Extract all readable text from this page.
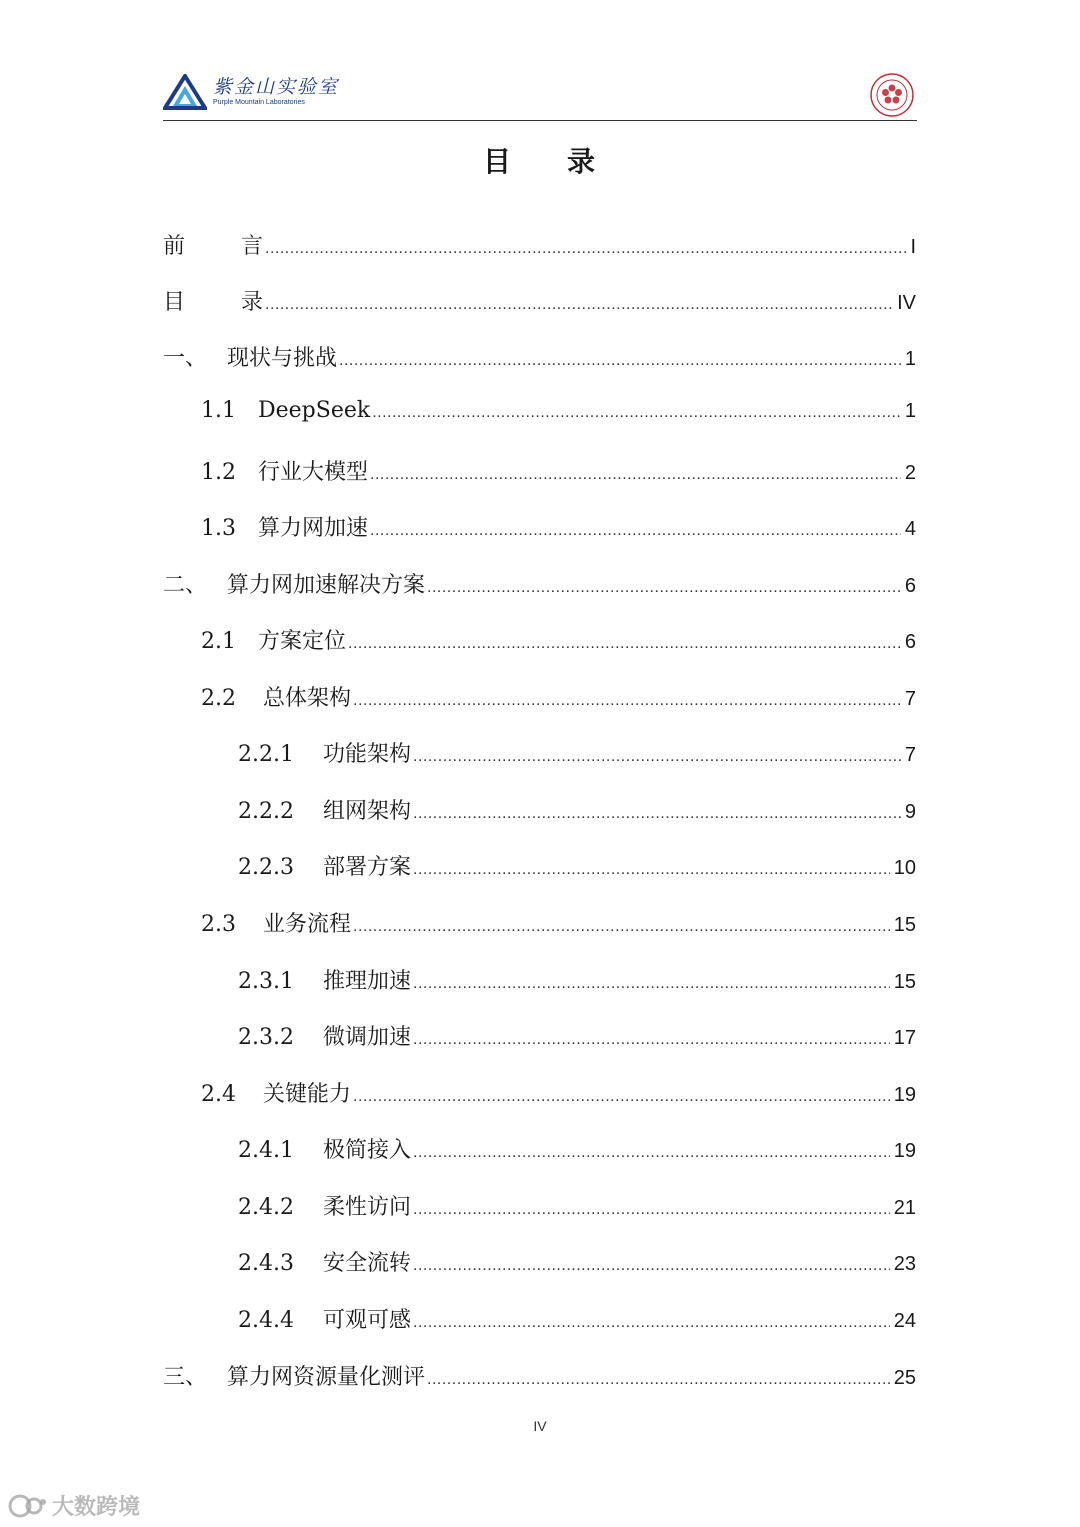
紫金山实验室
Purple Mountain Laboratories
目 录
前	言 .....	I
目	录 .....	IV
一、 现状与挑战 .....	1
1.1	DeepSeek .....	1
1.2	行业大模型 .....	2
1.3	算力网加速 .....	4
二、 算力网加速解决方案 .....	6
2.1	方案定位 .....	6
2.2	总体架构 .....	7
2.2.1	功能架构 .....	7
2.2.2	组网架构 .....	9
2.2.3	部署方案 .....	10
2.3	业务流程 .....	15
2.3.1	推理加速 .....	15
2.3.2	微调加速 .....	17
2.4	关键能力 .....	19
2.4.1	极简接入 .....	19
2.4.2	柔性访问 .....	21
2.4.3	安全流转 .....	23
2.4.4	可观可感 .....	24
三、 算力网资源量化测评 .....	25
IV
大数跨境
